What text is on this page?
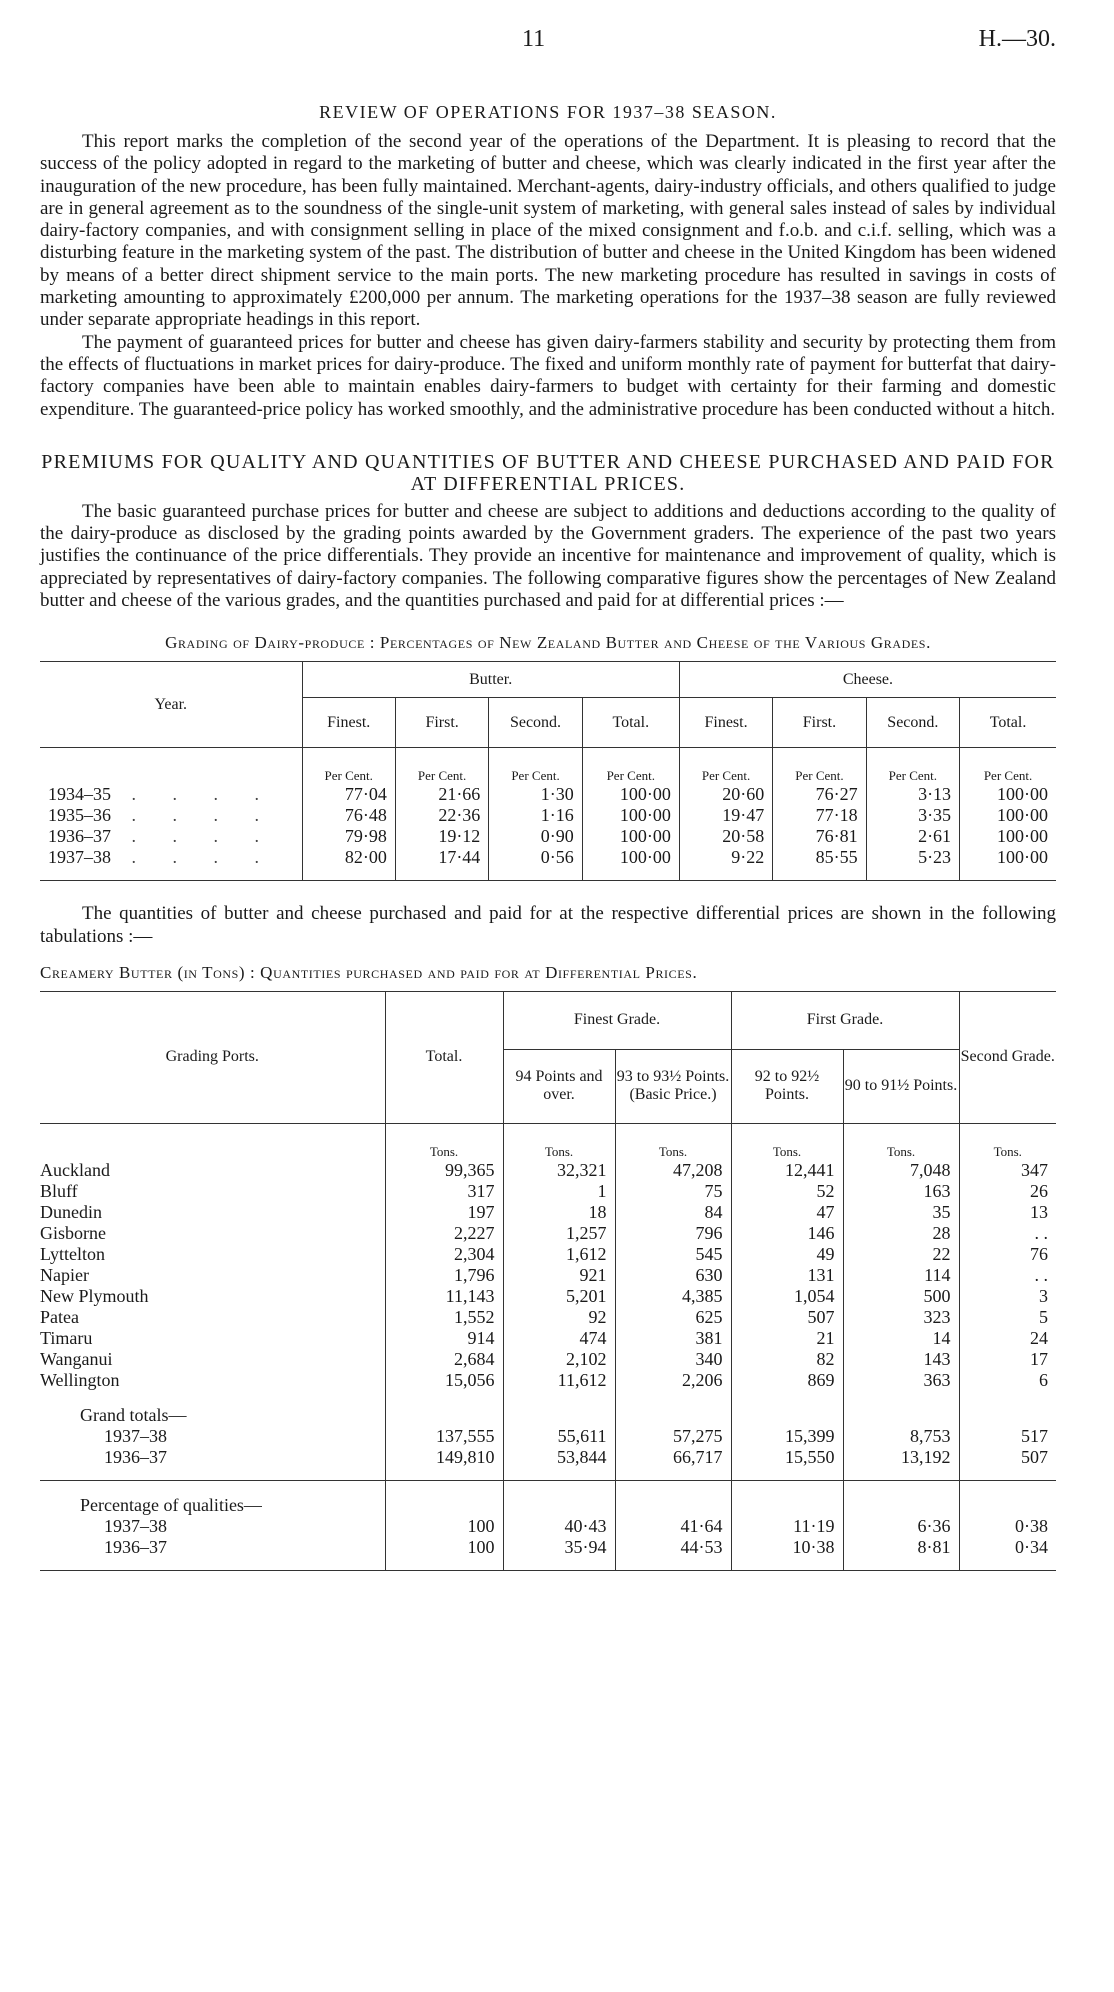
11	H.—30.
REVIEW OF OPERATIONS FOR 1937–38 SEASON.

This report marks the completion of the second year of the operations of the Department. It is pleasing to record that the success of the policy adopted in regard to the marketing of butter and cheese, which was clearly indicated in the first year after the inauguration of the new procedure, has been fully maintained. Merchant-agents, dairy-industry officials, and others qualified to judge are in general agreement as to the soundness of the single-unit system of marketing, with general sales instead of sales by individual dairy-factory companies, and with consignment selling in place of the mixed consignment and f.o.b. and c.i.f. selling, which was a disturbing feature in the marketing system of the past. The distribution of butter and cheese in the United Kingdom has been widened by means of a better direct shipment service to the main ports. The new marketing procedure has resulted in savings in costs of marketing amounting to approximately £200,000 per annum. The marketing operations for the 1937–38 season are fully reviewed under separate appropriate headings in this report.

The payment of guaranteed prices for butter and cheese has given dairy-farmers stability and security by protecting them from the effects of fluctuations in market prices for dairy-produce. The fixed and uniform monthly rate of payment for butterfat that dairy-factory companies have been able to maintain enables dairy-farmers to budget with certainty for their farming and domestic expenditure. The guaranteed-price policy has worked smoothly, and the administrative procedure has been conducted without a hitch.

PREMIUMS FOR QUALITY AND QUANTITIES OF BUTTER AND CHEESE PURCHASED AND PAID FOR AT DIFFERENTIAL PRICES.

The basic guaranteed purchase prices for butter and cheese are subject to additions and deductions according to the quality of the dairy-produce as disclosed by the grading points awarded by the Government graders. The experience of the past two years justifies the continuance of the price differentials. They provide an incentive for maintenance and improvement of quality, which is appreciated by representatives of dairy-factory companies. The following comparative figures show the percentages of New Zealand butter and cheese of the various grades, and the quantities purchased and paid for at differential prices :—

Grading of Dairy-produce : Percentages of New Zealand Butter and Cheese of the Various Grades.
Year.	Butter.				Cheese.			
	Finest.	First.	Second.	Total.	Finest.	First.	Second.	Total.
	Per Cent.	Per Cent.	Per Cent.	Per Cent.	Per Cent.	Per Cent.	Per Cent.	Per Cent.
1934–35 . . . .	77·04	21·66	1·30	100·00	20·60	76·27	3·13	100·00
1935–36 . . . .	76·48	22·36	1·16	100·00	19·47	77·18	3·35	100·00
1936–37 . . . .	79·98	19·12	0·90	100·00	20·58	76·81	2·61	100·00
1937–38 . . . .	82·00	17·44	0·56	100·00	9·22	85·55	5·23	100·00

The quantities of butter and cheese purchased and paid for at the respective differential prices are shown in the following tabulations :—

Creamery Butter (in Tons) : Quantities purchased and paid for at Differential Prices.
Grading Ports.	Total.	Finest Grade.		First Grade.		Second Grade.
		94 Points and over.	93 to 93½ Points. (Basic Price.)	92 to 92½ Points.	90 to 91½ Points.	
	Tons.	Tons.	Tons.	Tons.	Tons.	Tons.
Auckland	99,365	32,321	47,208	12,441	7,048	347
Bluff	317	1	75	52	163	26
Dunedin	197	18	84	47	35	13
Gisborne	2,227	1,257	796	146	28	. .
Lyttelton	2,304	1,612	545	49	22	76
Napier	1,796	921	630	131	114	. .
New Plymouth	11,143	5,201	4,385	1,054	500	3
Patea	1,552	92	625	507	323	5
Timaru	914	474	381	21	14	24
Wanganui	2,684	2,102	340	82	143	17
Wellington	15,056	11,612	2,206	869	363	6
Grand totals—						
1937–38	137,555	55,611	57,275	15,399	8,753	517
1936–37	149,810	53,844	66,717	15,550	13,192	507

Percentage of qualities—						
1937–38	100	40·43	41·64	11·19	6·36	0·38
1936–37	100	35·94	44·53	10·38	8·81	0·34
